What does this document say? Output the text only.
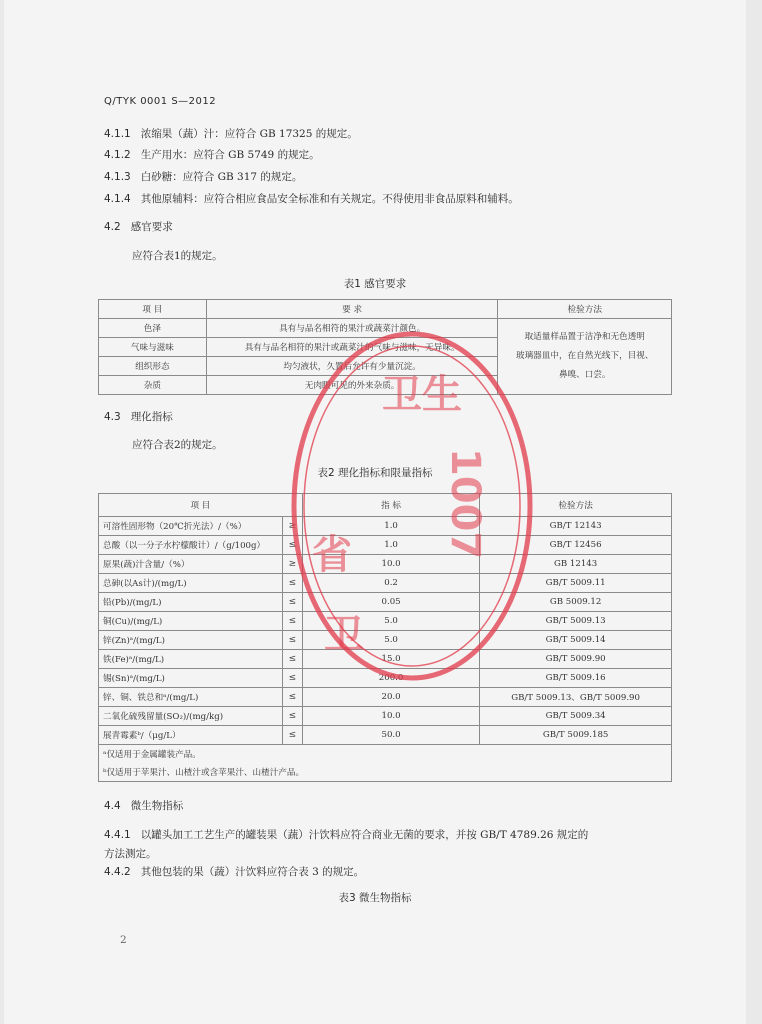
Q/TYK 0001 S—2012
4.1.1 浓缩果（蔬）汁：应符合 GB 17325 的规定。
4.1.2 生产用水：应符合 GB 5749 的规定。
4.1.3 白砂糖：应符合 GB 317 的规定。
4.1.4 其他原辅料：应符合相应食品安全标准和有关规定。不得使用非食品原料和辅料。
4.2 感官要求
应符合表1的规定。
表1 感官要求
项 目	要 求	检验方法
色泽	具有与品名相符的果汁或蔬菜汁颜色。	取适量样品置于洁净和无色透明
玻璃器皿中，在自然光线下，目视、
鼻嗅、口尝。

气味与滋味	具有与品名相符的果汁或蔬菜汁的气味与滋味，无异味。	
组织形态	均匀液状，久置后允许有少量沉淀。	
杂质	无肉眼可见的外来杂质。	
4.3 理化指标
应符合表2的规定。
表2 理化指标和限量指标
项 目		指 标	检验方法
可溶性固形物（20℃折光法）/（%）	≥	1.0	GB/T 12143
总酸（以一分子水柠檬酸计）/（g/100g）	≤	1.0	GB/T 12456
原果(蔬)汁含量/（%）	≥	10.0	GB 12143
总砷(以As计)/(mg/L)	≤	0.2	GB/T 5009.11
铅(Pb)/(mg/L)	≤	0.05	GB 5009.12
铜(Cu)/(mg/L)	≤	5.0	GB/T 5009.13
锌(Zn)ᵃ/(mg/L)	≤	5.0	GB/T 5009.14
铁(Fe)ᵃ/(mg/L)	≤	15.0	GB/T 5009.90
锡(Sn)ᵃ/(mg/L)	≤	200.0	GB/T 5009.16
锌、铜、铁总和ᵃ/(mg/L)	≤	20.0	GB/T 5009.13、GB/T 5009.90
二氧化硫残留量(SO₂)/(mg/kg)	≤	10.0	GB/T 5009.34
展青霉素ᵇ/（μg/L）	≤	50.0	GB/T 5009.185
ᵃ仅适用于金属罐装产品。			
ᵇ仅适用于苹果汁、山楂汁或含苹果汁、山楂汁产品。			
4.4 微生物指标
4.4.1 以罐头加工工艺生产的罐装果（蔬）汁饮料应符合商业无菌的要求，并按 GB/T 4789.26 规定的
方法测定。
4.4.2 其他包装的果（蔬）汁饮料应符合表 3 的规定。
表3 微生物指标
2
卫生
省
卫
1007
